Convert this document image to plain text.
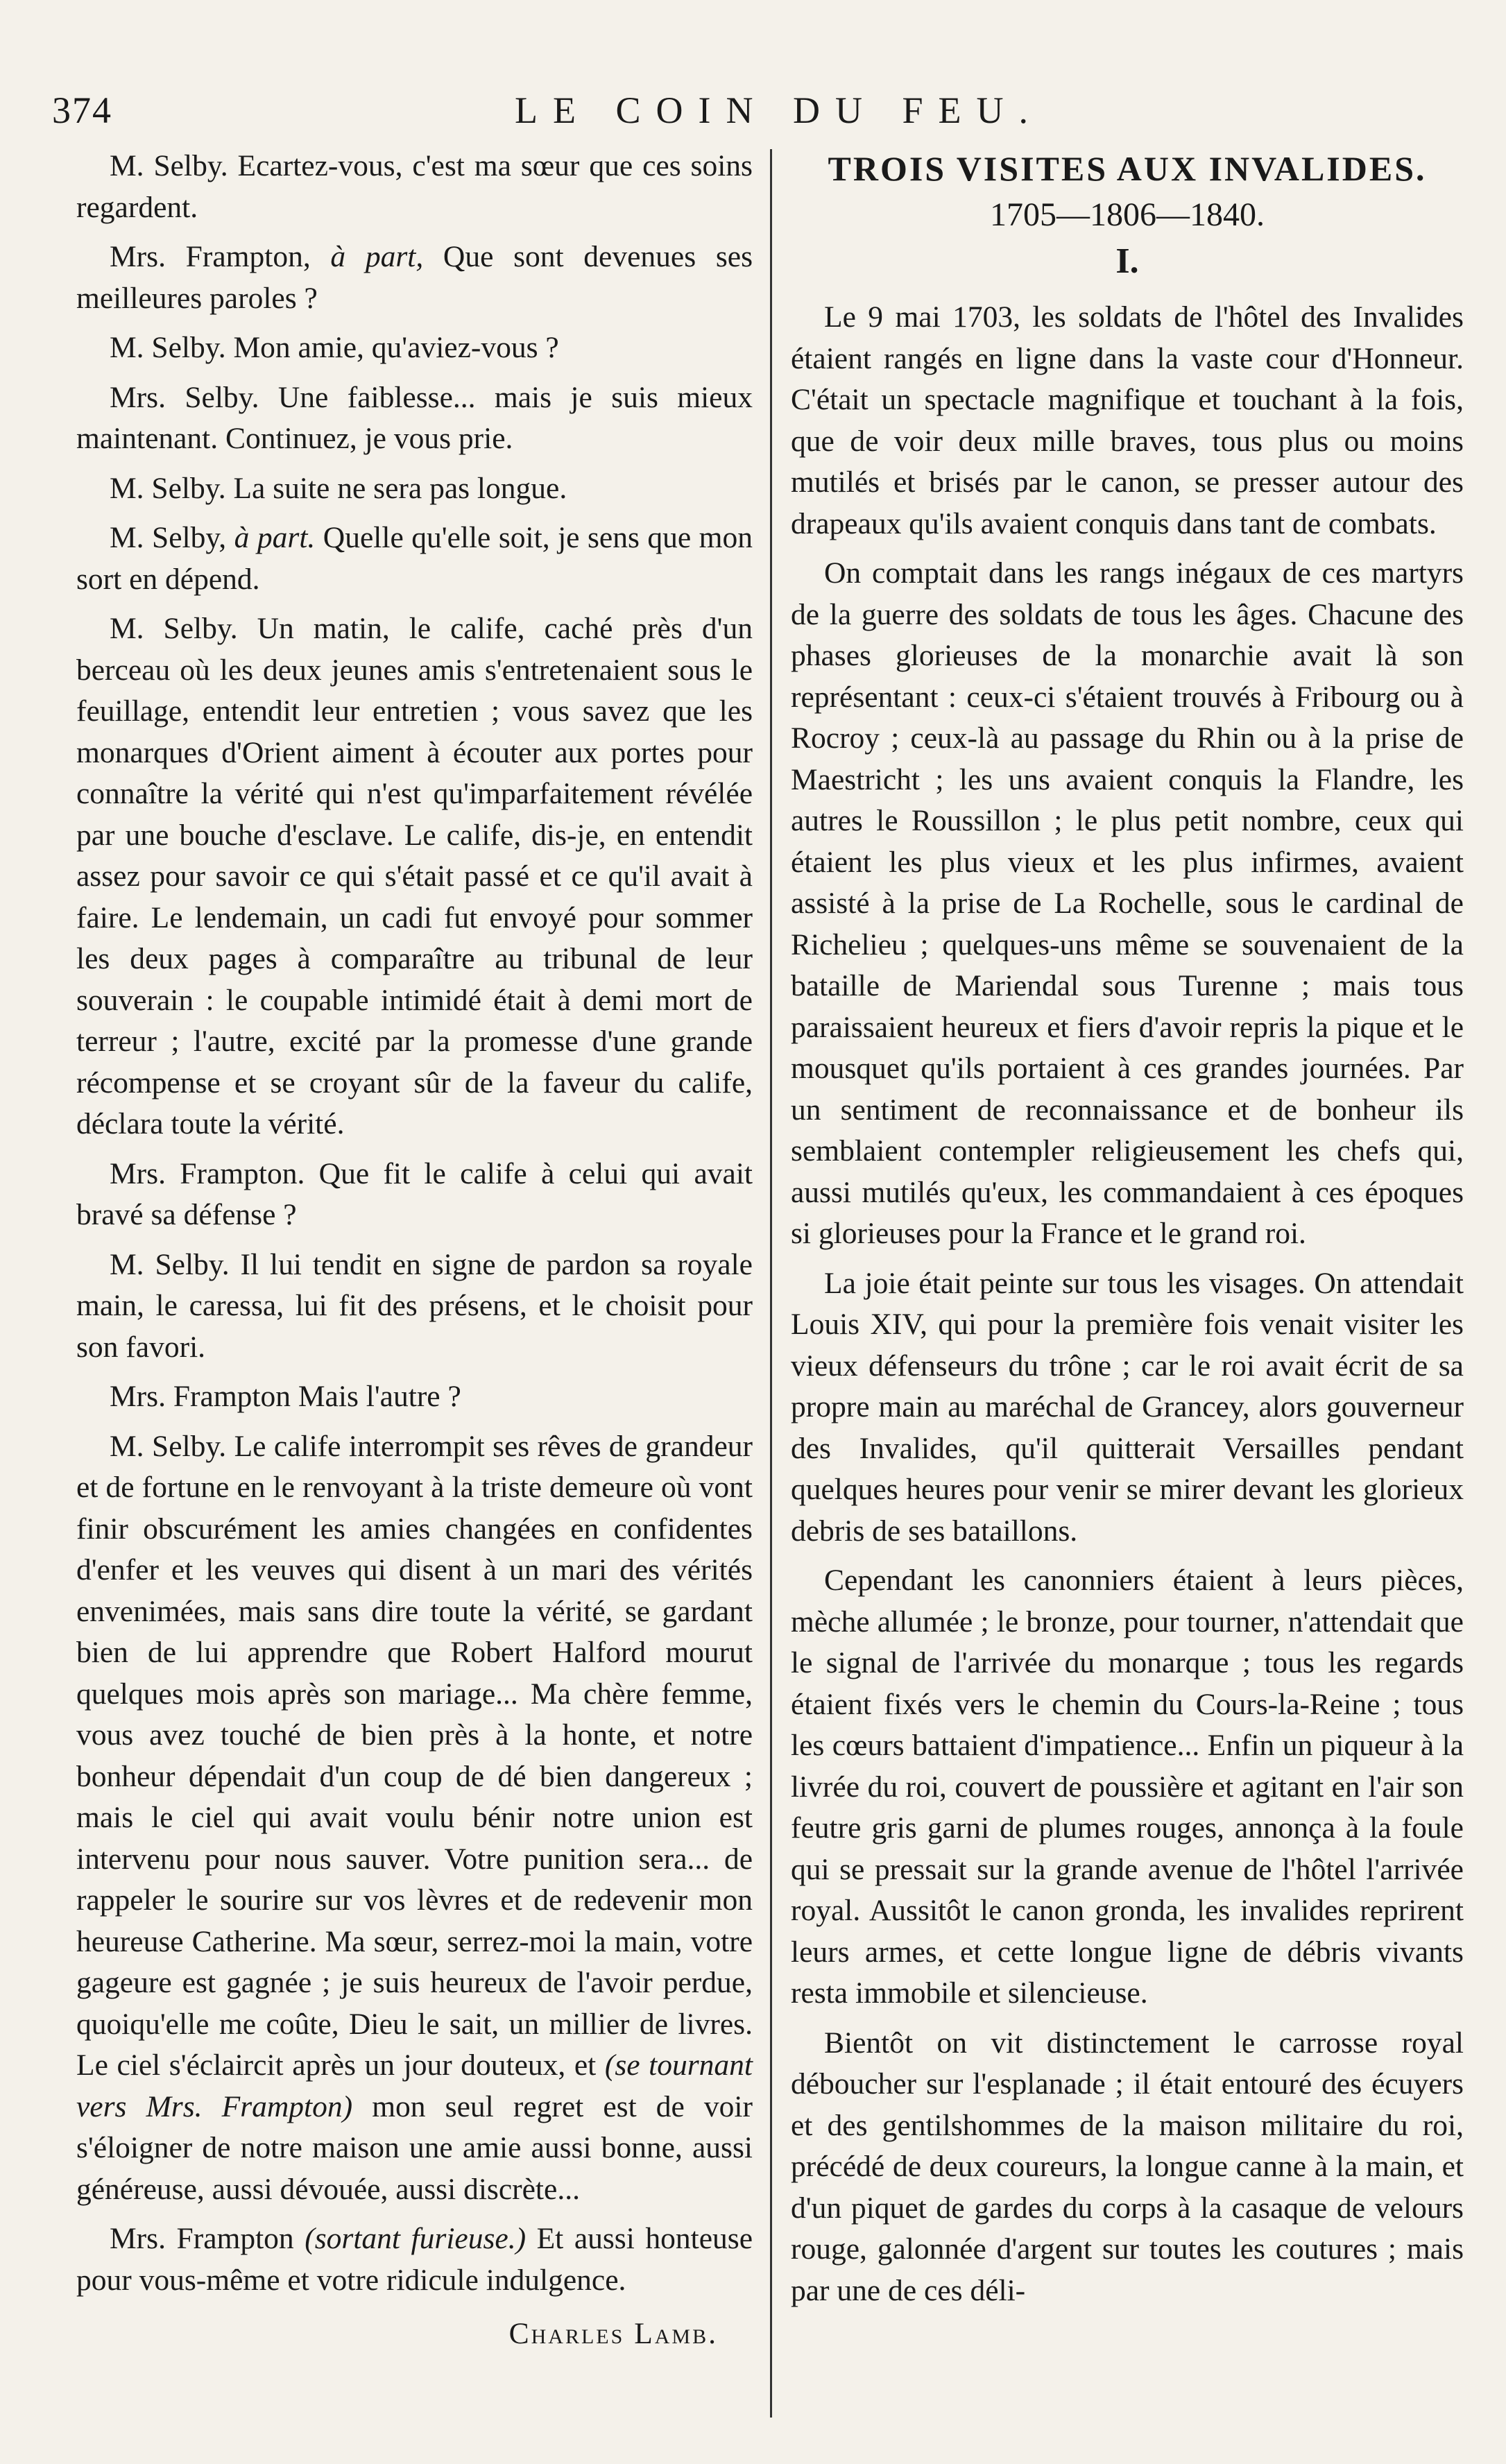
374	LE COIN DU FEU.

M. Selby. Ecartez-vous, c'est ma sœur que ces soins regardent.

Mrs. Frampton, à part, Que sont devenues ses meilleures paroles ?

M. Selby. Mon amie, qu'aviez-vous ?

Mrs. Selby. Une faiblesse... mais je suis mieux maintenant. Continuez, je vous prie.

M. Selby. La suite ne sera pas longue.

M. Selby, à part. Quelle qu'elle soit, je sens que mon sort en dépend.

M. Selby. Un matin, le calife, caché près d'un berceau où les deux jeunes amis s'entretenaient sous le feuillage, entendit leur entretien ; vous savez que les monarques d'Orient aiment à écouter aux portes pour connaître la vérité qui n'est qu'imparfaitement révélée par une bouche d'esclave. Le calife, dis-je, en entendit assez pour savoir ce qui s'était passé et ce qu'il avait à faire. Le lendemain, un cadi fut envoyé pour sommer les deux pages à comparaître au tribunal de leur souverain : le coupable intimidé était à demi mort de terreur ; l'autre, excité par la promesse d'une grande récompense et se croyant sûr de la faveur du calife, déclara toute la vérité.

Mrs. Frampton. Que fit le calife à celui qui avait bravé sa défense ?

M. Selby. Il lui tendit en signe de pardon sa royale main, le caressa, lui fit des présens, et le choisit pour son favori.

Mrs. Frampton Mais l'autre ?

M. Selby. Le calife interrompit ses rêves de grandeur et de fortune en le renvoyant à la triste demeure où vont finir obscurément les amies changées en confidentes d'enfer et les veuves qui disent à un mari des vérités envenimées, mais sans dire toute la vérité, se gardant bien de lui apprendre que Robert Halford mourut quelques mois après son mariage... Ma chère femme, vous avez touché de bien près à la honte, et notre bonheur dépendait d'un coup de dé bien dangereux ; mais le ciel qui avait voulu bénir notre union est intervenu pour nous sauver. Votre punition sera... de rappeler le sourire sur vos lèvres et de redevenir mon heureuse Catherine. Ma sœur, serrez-moi la main, votre gageure est gagnée ; je suis heureux de l'avoir perdue, quoiqu'elle me coûte, Dieu le sait, un millier de livres. Le ciel s'éclaircit après un jour douteux, et (se tournant vers Mrs. Frampton) mon seul regret est de voir s'éloigner de notre maison une amie aussi bonne, aussi généreuse, aussi dévouée, aussi discrète...

Mrs. Frampton (sortant furieuse.) Et aussi honteuse pour vous-même et votre ridicule indulgence.

Charles Lamb.
TROIS VISITES AUX INVALIDES.
1705—1806—1840.
I.

Le 9 mai 1703, les soldats de l'hôtel des Invalides étaient rangés en ligne dans la vaste cour d'Honneur. C'était un spectacle magnifique et touchant à la fois, que de voir deux mille braves, tous plus ou moins mutilés et brisés par le canon, se presser autour des drapeaux qu'ils avaient conquis dans tant de combats.

On comptait dans les rangs inégaux de ces martyrs de la guerre des soldats de tous les âges. Chacune des phases glorieuses de la monarchie avait là son représentant : ceux-ci s'étaient trouvés à Fribourg ou à Rocroy ; ceux-là au passage du Rhin ou à la prise de Maestricht ; les uns avaient conquis la Flandre, les autres le Roussillon ; le plus petit nombre, ceux qui étaient les plus vieux et les plus infirmes, avaient assisté à la prise de La Rochelle, sous le cardinal de Richelieu ; quelques-uns même se souvenaient de la bataille de Mariendal sous Turenne ; mais tous paraissaient heureux et fiers d'avoir repris la pique et le mousquet qu'ils portaient à ces grandes journées. Par un sentiment de reconnaissance et de bonheur ils semblaient contempler religieusement les chefs qui, aussi mutilés qu'eux, les commandaient à ces époques si glorieuses pour la France et le grand roi.

La joie était peinte sur tous les visages. On attendait Louis XIV, qui pour la première fois venait visiter les vieux défenseurs du trône ; car le roi avait écrit de sa propre main au maréchal de Grancey, alors gouverneur des Invalides, qu'il quitterait Versailles pendant quelques heures pour venir se mirer devant les glorieux debris de ses bataillons.

Cependant les canonniers étaient à leurs pièces, mèche allumée ; le bronze, pour tourner, n'attendait que le signal de l'arrivée du monarque ; tous les regards étaient fixés vers le chemin du Cours-la-Reine ; tous les cœurs battaient d'impatience... Enfin un piqueur à la livrée du roi, couvert de poussière et agitant en l'air son feutre gris garni de plumes rouges, annonça à la foule qui se pressait sur la grande avenue de l'hôtel l'arrivée royal. Aussitôt le canon gronda, les invalides reprirent leurs armes, et cette longue ligne de débris vivants resta immobile et silencieuse.

Bientôt on vit distinctement le carrosse royal déboucher sur l'esplanade ; il était entouré des écuyers et des gentilshommes de la maison militaire du roi, précédé de deux coureurs, la longue canne à la main, et d'un piquet de gardes du corps à la casaque de velours rouge, galonnée d'argent sur toutes les coutures ; mais par une de ces déli-
